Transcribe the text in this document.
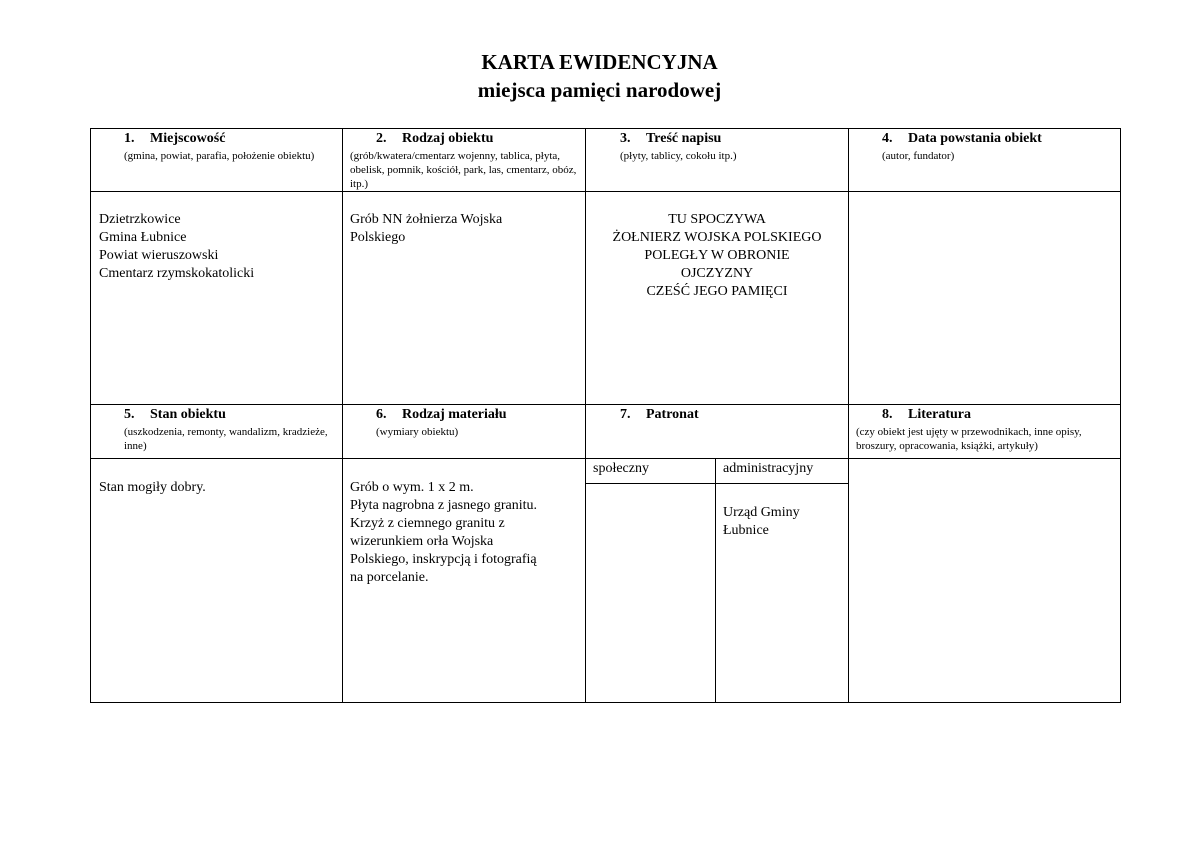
KARTA EWIDENCYJNA
miejsca pamięci narodowej
1. Miejscowość
(gmina, powiat, parafia, położenie obiektu)
Dzietrzkowice
Gmina Łubnice
Powiat wieruszowski
Cmentarz rzymskokatolicki
2. Rodzaj obiektu
(grób/kwatera/cmentarz wojenny, tablica, płyta, obelisk, pomnik, kościół, park, las, cmentarz, obóz, itp.)
Grób NN żołnierza Wojska
Polskiego
3. Treść napisu
(płyty, tablicy, cokołu itp.)
TU SPOCZYWA
ŻOŁNIERZ WOJSKA POLSKIEGO
POLEGŁY W OBRONIE
OJCZYZNY
CZEŚĆ JEGO PAMIĘCI
4. Data powstania obiekt
(autor, fundator)
5. Stan obiektu
(uszkodzenia, remonty, wandalizm, kradzieże, inne)
Stan mogiły dobry.
6. Rodzaj materiału
(wymiary obiektu)
Grób o wym. 1 x 2 m.
Płyta nagrobna z jasnego granitu.
Krzyż z ciemnego granitu z
wizerunkiem orła Wojska
Polskiego, inskrypcją i fotografią
na porcelanie.
7. Patronat
społeczny	administracyjny
Urząd Gminy
Łubnice
8. Literatura
(czy obiekt jest ujęty w przewodnikach, inne opisy, broszury, opracowania, książki, artykuły)
